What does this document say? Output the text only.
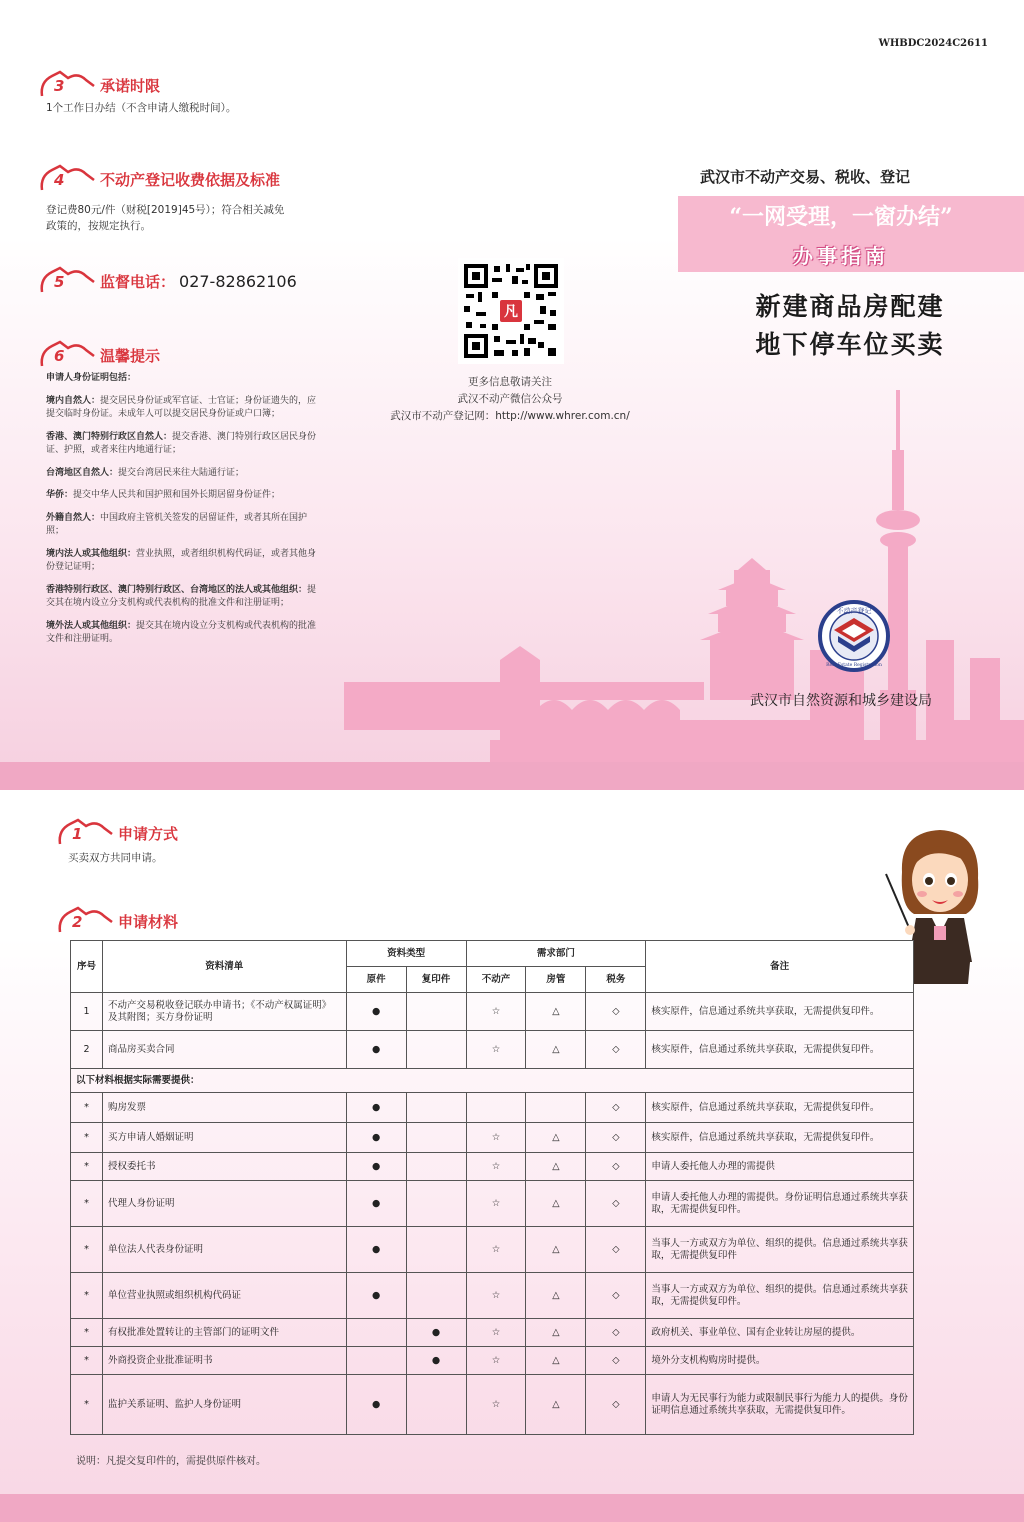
WHBDC2024C2611
3 承诺时限
1个工作日办结（不含申请人缴税时间）。
4 不动产登记收费依据及标准
登记费80元/件（财税[2019]45号）；符合相关减免
政策的，按规定执行。
5 监督电话： 027-82862106
6 温馨提示

申请人身份证明包括：

境内自然人：提交居民身份证或军官证、士官证；身份证遗失的，应提交临时身份证。未成年人可以提交居民身份证或户口簿；

香港、澳门特别行政区自然人：提交香港、澳门特别行政区居民身份证、护照，或者来往内地通行证；

台湾地区自然人：提交台湾居民来往大陆通行证；

华侨：提交中华人民共和国护照和国外长期居留身份证件；

外籍自然人：中国政府主管机关签发的居留证件，或者其所在国护照；

境内法人或其他组织：营业执照，或者组织机构代码证，或者其他身份登记证明；

香港特别行政区、澳门特别行政区、台湾地区的法人或其他组织：提交其在境内设立分支机构或代表机构的批准文件和注册证明；

境外法人或其他组织：提交其在境内设立分支机构或代表机构的批准文件和注册证明。

凡
更多信息敬请关注
武汉不动产微信公众号
武汉市不动产登记网：http://www.whrer.com.cn/
武汉市不动产交易、税收、登记
“一网受理，一窗办结”
办事指南
新建商品房配建
地下停车位买卖
不动产登记
Real Estate Registration
武汉市自然资源和城乡建设局
1 申请方式
买卖双方共同申请。
2 申请材料
序号	资料清单	资料类型		需求部门			备注
		原件	复印件	不动产	房管	税务	
1	不动产交易税收登记联办申请书；《不动产权属证明》及其附图；买方身份证明	●		☆	△	◇	核实原件，信息通过系统共享获取，无需提供复印件。
2	商品房买卖合同	●		☆	△	◇	核实原件，信息通过系统共享获取，无需提供复印件。
以下材料根据实际需要提供：							
*	购房发票	●				◇	核实原件，信息通过系统共享获取，无需提供复印件。
*	买方申请人婚姻证明	●		☆	△	◇	核实原件，信息通过系统共享获取，无需提供复印件。
*	授权委托书	●		☆	△	◇	申请人委托他人办理的需提供
*	代理人身份证明	●		☆	△	◇	申请人委托他人办理的需提供。身份证明信息通过系统共享获取，无需提供复印件。
*	单位法人代表身份证明	●		☆	△	◇	当事人一方或双方为单位、组织的提供。信息通过系统共享获取，无需提供复印件
*	单位营业执照或组织机构代码证	●		☆	△	◇	当事人一方或双方为单位、组织的提供。信息通过系统共享获取，无需提供复印件。
*	有权批准处置转让的主管部门的证明文件		●	☆	△	◇	政府机关、事业单位、国有企业转让房屋的提供。
*	外商投资企业批准证明书		●	☆	△	◇	境外分支机构购房时提供。
*	监护关系证明、监护人身份证明	●		☆	△	◇	申请人为无民事行为能力或限制民事行为能力人的提供。身份证明信息通过系统共享获取，无需提供复印件。
说明：凡提交复印件的，需提供原件核对。
